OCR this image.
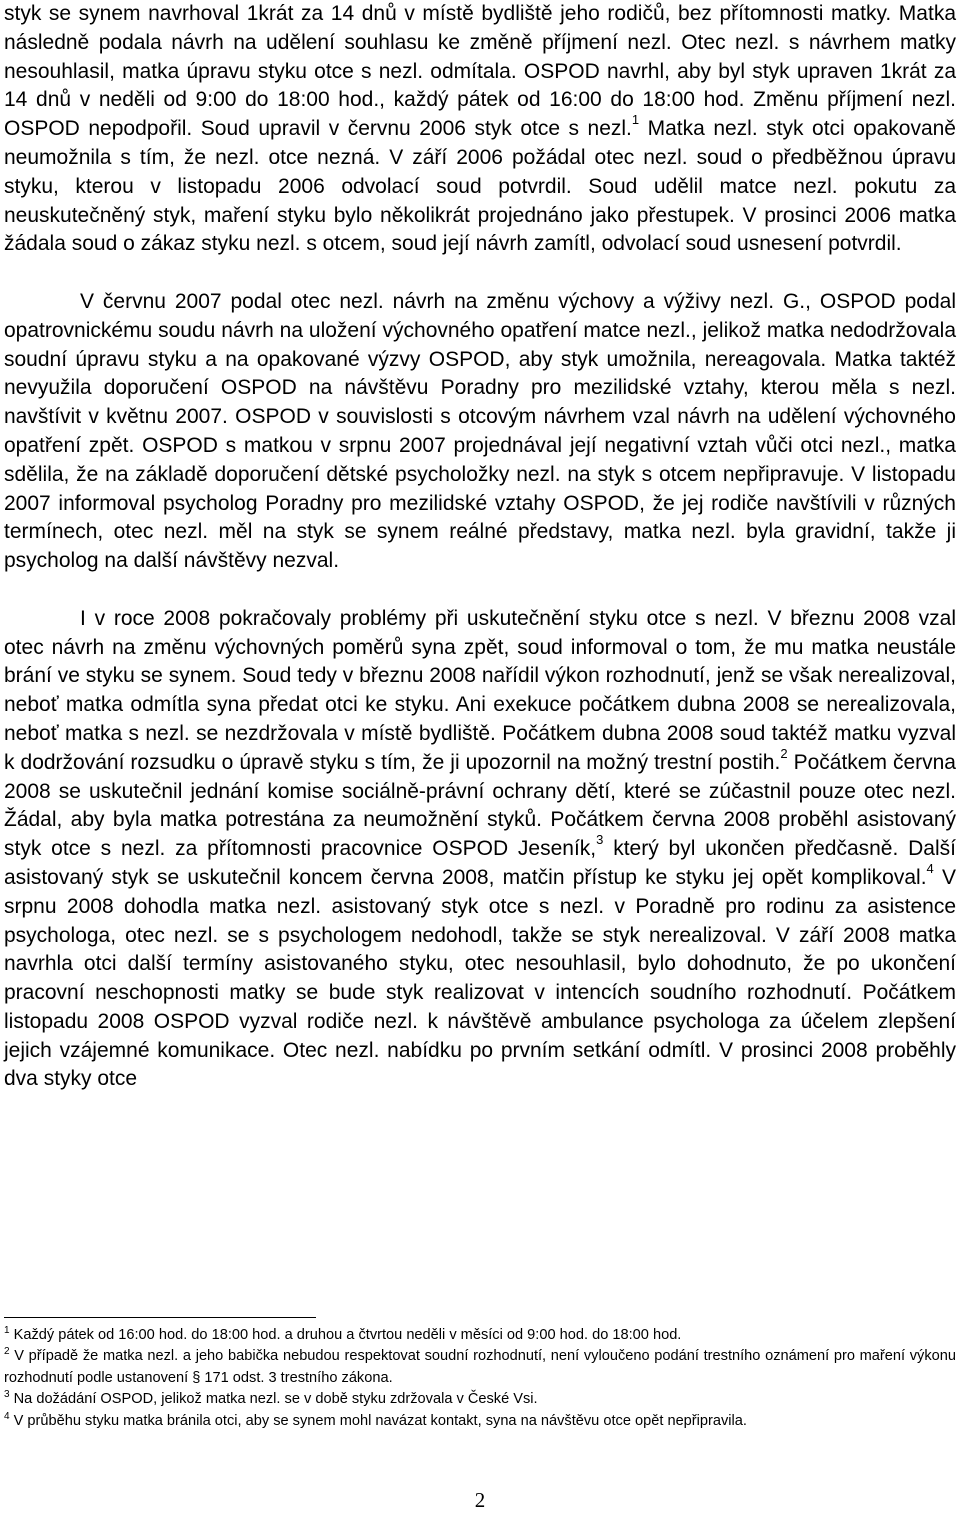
styk se synem navrhoval 1krát za 14 dnů v místě bydliště jeho rodičů, bez přítomnosti matky. Matka následně podala návrh na udělení souhlasu ke změně příjmení nezl. Otec nezl. s návrhem matky nesouhlasil, matka úpravu styku otce s nezl. odmítala. OSPOD navrhl, aby byl styk upraven 1krát za 14 dnů v neděli od 9:00 do 18:00 hod., každý pátek od 16:00 do 18:00 hod. Změnu příjmení nezl. OSPOD nepodpořil. Soud upravil v červnu 2006 styk otce s nezl.$^1$ Matka nezl. styk otci opakovaně neumožnila s tím, že nezl. otce nezná. V září 2006 požádal otec nezl. soud o předběžnou úpravu styku, kterou v listopadu 2006 odvolací soud potvrdil. Soud udělil matce nezl. pokutu za neuskutečněný styk, maření styku bylo několikrát projednáno jako přestupek. V prosinci 2006 matka žádala soud o zákaz styku nezl. s otcem, soud její návrh zamítl, odvolací soud usnesení potvrdil.

V červnu 2007 podal otec nezl. návrh na změnu výchovy a výživy nezl. G., OSPOD podal opatrovnickému soudu návrh na uložení výchovného opatření matce nezl., jelikož matka nedodržovala soudní úpravu styku a na opakované výzvy OSPOD, aby styk umožnila, nereagovala. Matka taktéž nevyužila doporučení OSPOD na návštěvu Poradny pro mezilidské vztahy, kterou měla s nezl. navštívit v květnu 2007. OSPOD v souvislosti s otcovým návrhem vzal návrh na udělení výchovného opatření zpět. OSPOD s matkou v srpnu 2007 projednával její negativní vztah vůči otci nezl., matka sdělila, že na základě doporučení dětské psycholožky nezl. na styk s otcem nepřipravuje. V listopadu 2007 informoval psycholog Poradny pro mezilidské vztahy OSPOD, že jej rodiče navštívili v různých termínech, otec nezl. měl na styk se synem reálné představy, matka nezl. byla gravidní, takže ji psycholog na další návštěvy nezval.

I v roce 2008 pokračovaly problémy při uskutečnění styku otce s nezl. V březnu 2008 vzal otec návrh na změnu výchovných poměrů syna zpět, soud informoval o tom, že mu matka neustále brání ve styku se synem. Soud tedy v březnu 2008 nařídil výkon rozhodnutí, jenž se však nerealizoval, neboť matka odmítla syna předat otci ke styku. Ani exekuce počátkem dubna 2008 se nerealizovala, neboť matka s nezl. se nezdržovala v místě bydliště. Počátkem dubna 2008 soud taktéž matku vyzval k dodržování rozsudku o úpravě styku s tím, že ji upozornil na možný trestní postih.$^2$ Počátkem června 2008 se uskutečnil jednání komise sociálně-právní ochrany dětí, které se zúčastnil pouze otec nezl. Žádal, aby byla matka potrestána za neumožnění styků. Počátkem června 2008 proběhl asistovaný styk otce s nezl. za přítomnosti pracovnice OSPOD Jeseník,$^3$ který byl ukončen předčasně. Další asistovaný styk se uskutečnil koncem června 2008, matčin přístup ke styku jej opět komplikoval.$^4$ V srpnu 2008 dohodla matka nezl. asistovaný styk otce s nezl. v Poradně pro rodinu za asistence psychologa, otec nezl. se s psychologem nedohodl, takže se styk nerealizoval. V září 2008 matka navrhla otci další termíny asistovaného styku, otec nesouhlasil, bylo dohodnuto, že po ukončení pracovní neschopnosti matky se bude styk realizovat v intencích soudního rozhodnutí. Počátkem listopadu 2008 OSPOD vyzval rodiče nezl. k návštěvě ambulance psychologa za účelem zlepšení jejich vzájemné komunikace. Otec nezl. nabídku po prvním setkání odmítl. V prosinci 2008 proběhly dva styky otce

$^1$ Každý pátek od 16:00 hod. do 18:00 hod. a druhou a čtvrtou neděli v měsíci od 9:00 hod. do 18:00 hod.

$^2$ V případě že matka nezl. a jeho babička nebudou respektovat soudní rozhodnutí, není vyloučeno podání trestního oznámení pro maření výkonu rozhodnutí podle ustanovení § 171 odst. 3 trestního zákona.

$^3$ Na dožádání OSPOD, jelikož matka nezl. se v době styku zdržovala v České Vsi.

$^4$ V průběhu styku matka bránila otci, aby se synem mohl navázat kontakt, syna na návštěvu otce opět nepřipravila.

2
